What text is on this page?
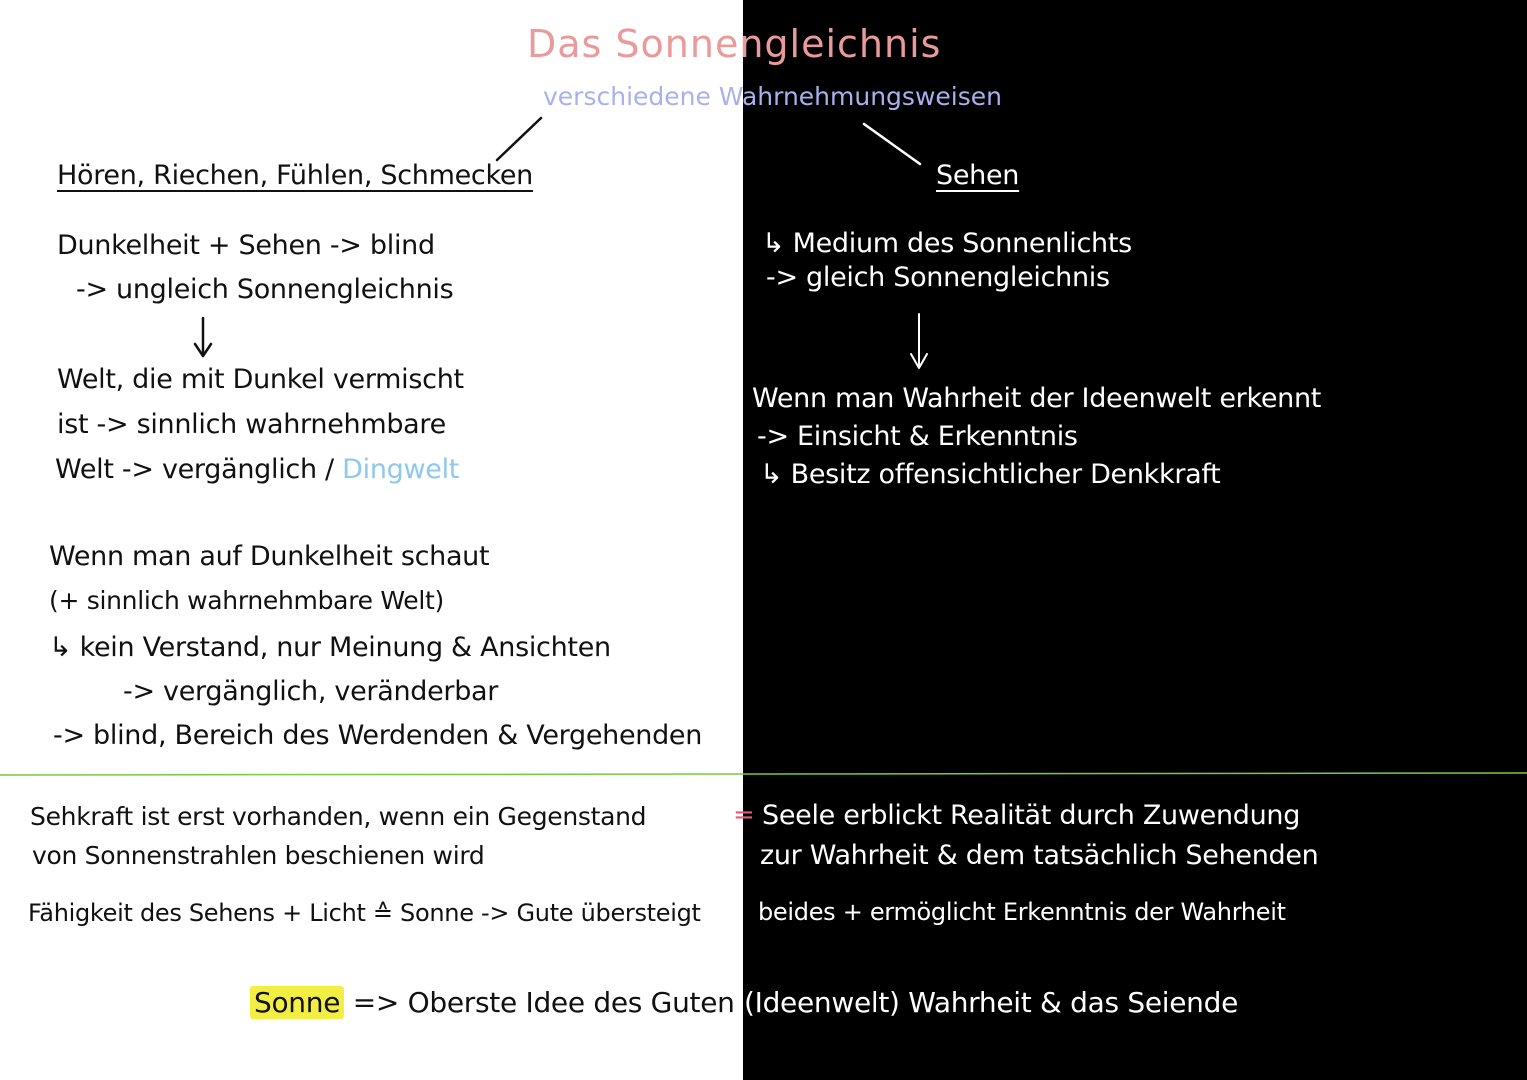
Das Sonnengleichnis
verschiedene Wahrnehmungsweisen
Hören, Riechen, Fühlen, Schmecken
Dunkelheit + Sehen -> blind
-> ungleich Sonnengleichnis
Welt, die mit Dunkel vermischt
ist -> sinnlich wahrnehmbare
Welt -> vergänglich / Dingwelt
Wenn man auf Dunkelheit schaut
(+ sinnlich wahrnehmbare Welt)
↳ kein Verstand, nur Meinung & Ansichten
-> vergänglich, veränderbar
-> blind, Bereich des Werdenden & Vergehenden
Sehen
↳ Medium des Sonnenlichts
-> gleich Sonnengleichnis
Wenn man Wahrheit der Ideenwelt erkennt
-> Einsicht & Erkenntnis
↳ Besitz offensichtlicher Denkkraft
Sehkraft ist erst vorhanden, wenn ein Gegenstand
von Sonnenstrahlen beschienen wird
= Seele erblickt Realität durch Zuwendung
zur Wahrheit & dem tatsächlich Sehenden
Fähigkeit des Sehens + Licht ≙ Sonne -> Gute übersteigt beides + ermöglicht Erkenntnis der Wahrheit
Sonne => Oberste Idee des Guten (Ideenwelt) Wahrheit & das Seiende
